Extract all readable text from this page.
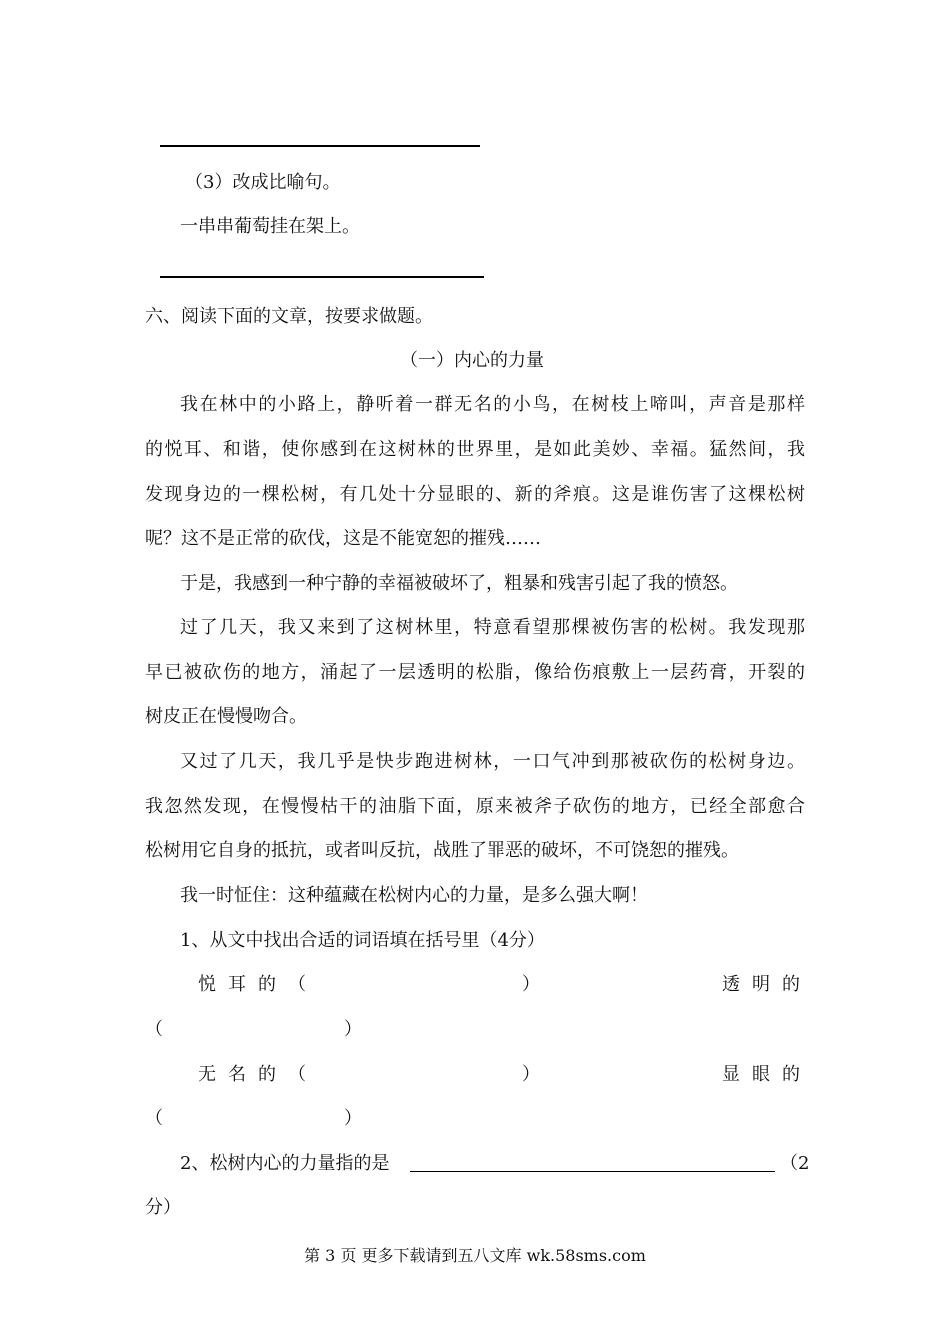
（3）改成比喻句。
一串串葡萄挂在架上。
六、阅读下面的文章，按要求做题。
（一）内心的力量
我在林中的小路上，静听着一群无名的小鸟，在树枝上啼叫，声音是那样
的悦耳、和谐，使你感到在这树林的世界里，是如此美妙、幸福。猛然间，我
发现身边的一棵松树，有几处十分显眼的、新的斧痕。这是谁伤害了这棵松树
呢？这不是正常的砍伐，这是不能宽恕的摧残……
于是，我感到一种宁静的幸福被破坏了，粗暴和残害引起了我的愤怒。
过了几天，我又来到了这树林里，特意看望那棵被伤害的松树。我发现那
早已被砍伤的地方，涌起了一层透明的松脂，像给伤痕敷上一层药膏，开裂的
树皮正在慢慢吻合。
又过了几天，我几乎是快步跑进树林，一口气冲到那被砍伤的松树身边。
我忽然发现，在慢慢枯干的油脂下面，原来被斧子砍伤的地方，已经全部愈合
松树用它自身的抵抗，或者叫反抗，战胜了罪恶的破坏，不可饶恕的摧残。
我一时怔住：这种蕴藏在松树内心的力量，是多么强大啊！
1、从文中找出合适的词语填在括号里（4分）
悦耳的（	）	透明的
（	）
无名的（	）	显眼的
（	）
2、松树内心的力量指的是	（2
分）
第 3 页 更多下载请到五八文库 wk.58sms.com
